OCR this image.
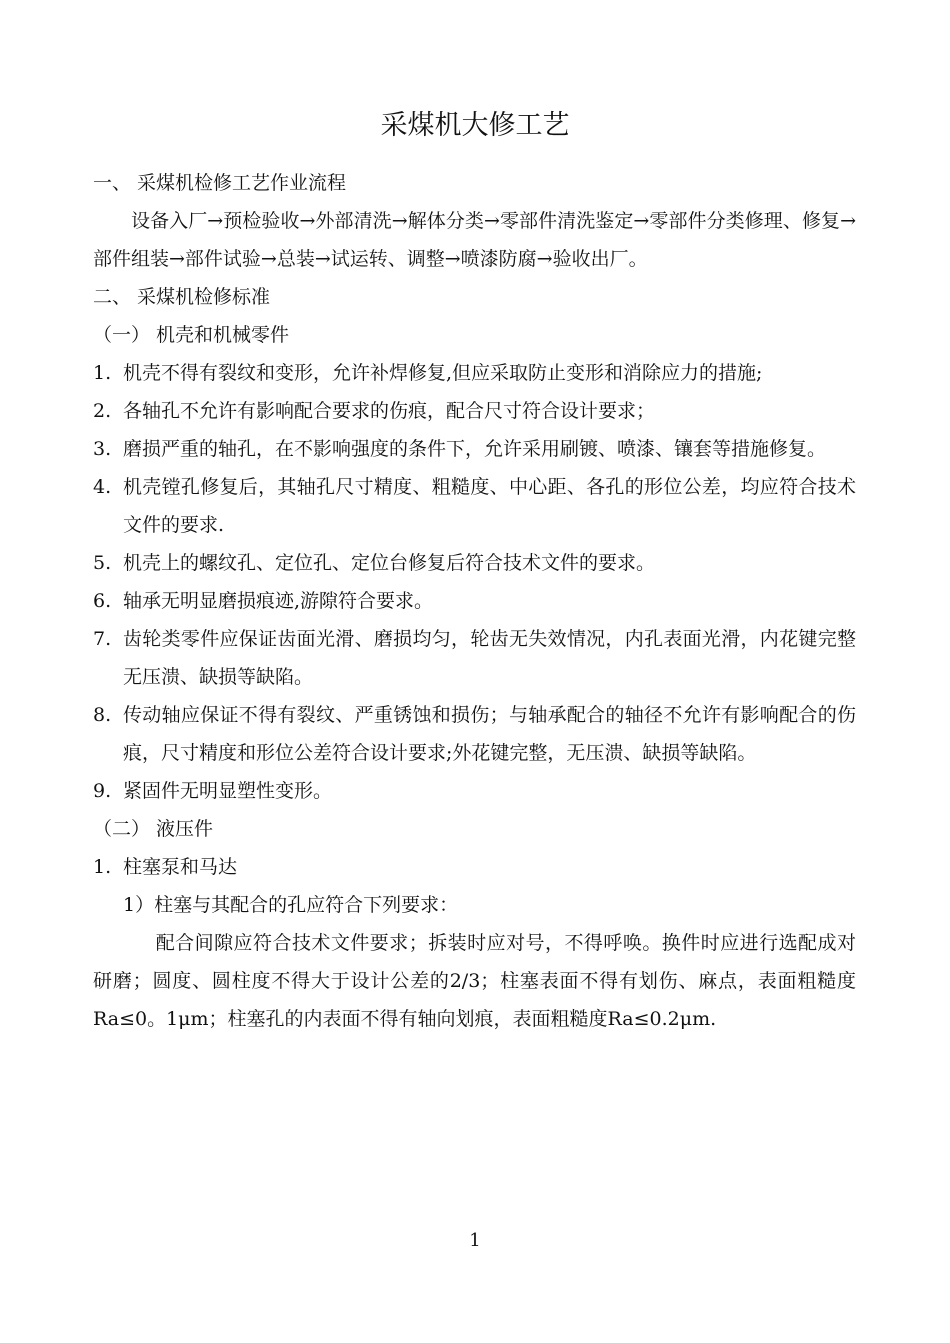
采煤机大修工艺

一、 采煤机检修工艺作业流程

设备入厂→预检验收→外部清洗→解体分类→零部件清洗鉴定→零部件分类修理、修复→部件组装→部件试验→总装→试运转、调整→喷漆防腐→验收出厂。

二、 采煤机检修标准

（一） 机壳和机械零件

1. 机壳不得有裂纹和变形，允许补焊修复,但应采取防止变形和消除应力的措施;
2. 各轴孔不允许有影响配合要求的伤痕，配合尺寸符合设计要求；
3. 磨损严重的轴孔，在不影响强度的条件下，允许采用刷镀、喷漆、镶套等措施修复。
4. 机壳镗孔修复后，其轴孔尺寸精度、粗糙度、中心距、各孔的形位公差，均应符合技术文件的要求.
5. 机壳上的螺纹孔、定位孔、定位台修复后符合技术文件的要求。
6. 轴承无明显磨损痕迹,游隙符合要求。
7. 齿轮类零件应保证齿面光滑、磨损均匀，轮齿无失效情况，内孔表面光滑，内花键完整无压溃、缺损等缺陷。
8. 传动轴应保证不得有裂纹、严重锈蚀和损伤；与轴承配合的轴径不允许有影响配合的伤痕，尺寸精度和形位公差符合设计要求;外花键完整，无压溃、缺损等缺陷。
9. 紧固件无明显塑性变形。

（二） 液压件

1. 柱塞泵和马达

1）柱塞与其配合的孔应符合下列要求：

配合间隙应符合技术文件要求；拆装时应对号，不得呼唤。换件时应进行选配成对研磨；圆度、圆柱度不得大于设计公差的2/3；柱塞表面不得有划伤、麻点，表面粗糙度 Ra≤0。1μm；柱塞孔的内表面不得有轴向划痕，表面粗糙度Ra≤0.2μm.

1
